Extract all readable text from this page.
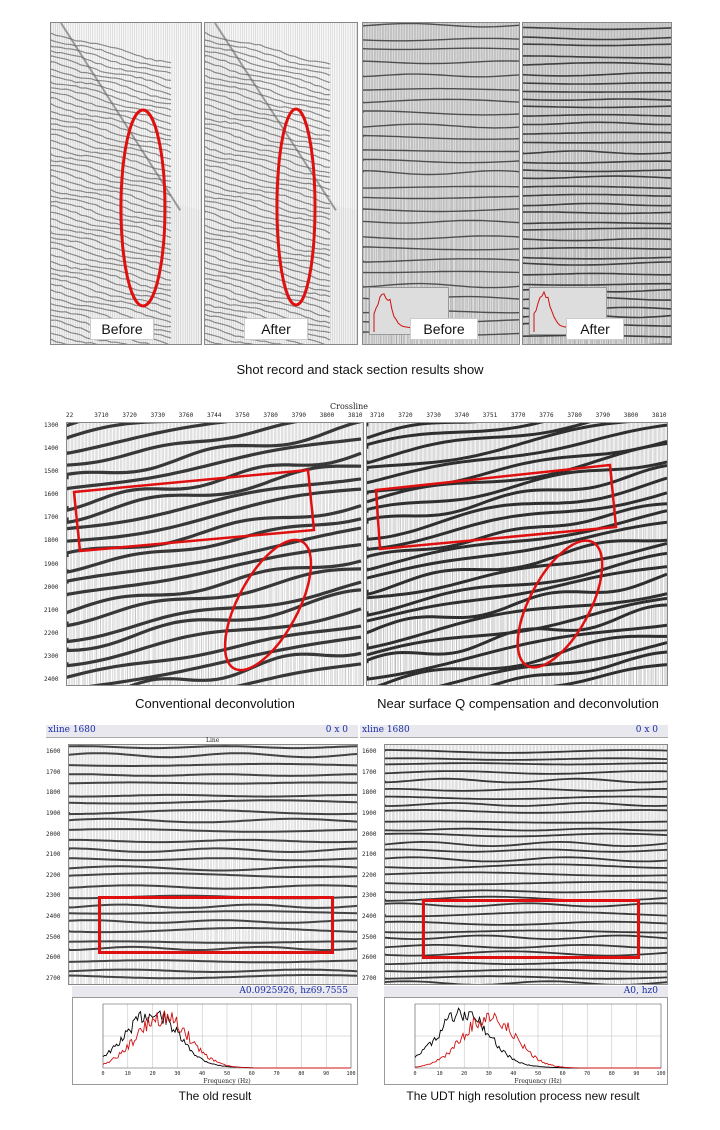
Before	After	Before	After
Shot record and stack section results show
Crossline
22	3710 3720 3730 3760 3744 3750 3780 3790 3800 3810 3710 3720 3730 3740 3751 3770 3776 3780 3790 3800 3810
1300
1400
1500
1600
1700
1800
1900
2000
2100
2200
2300
2400
Conventional deconvolution	Near surface Q compensation and deconvolution
xline 1680	0 x 0
Line
1600
1700
1800
1900
2000
2100
2200
2300
2400
2500
2600
2700
A0.0925926, hz69.7555
0	10	20	30	40	50	60	70	80	90	100
Frequency (Hz)
The old result
xline 1680	0 x 0
1600
1700
1800
1900
2000
2100
2200
2300
2400
2500
2600
2700
A0, hz0
0	10	20	30	40	50	60	70	80	90	100
Frequency (Hz)
The UDT high resolution process new result
